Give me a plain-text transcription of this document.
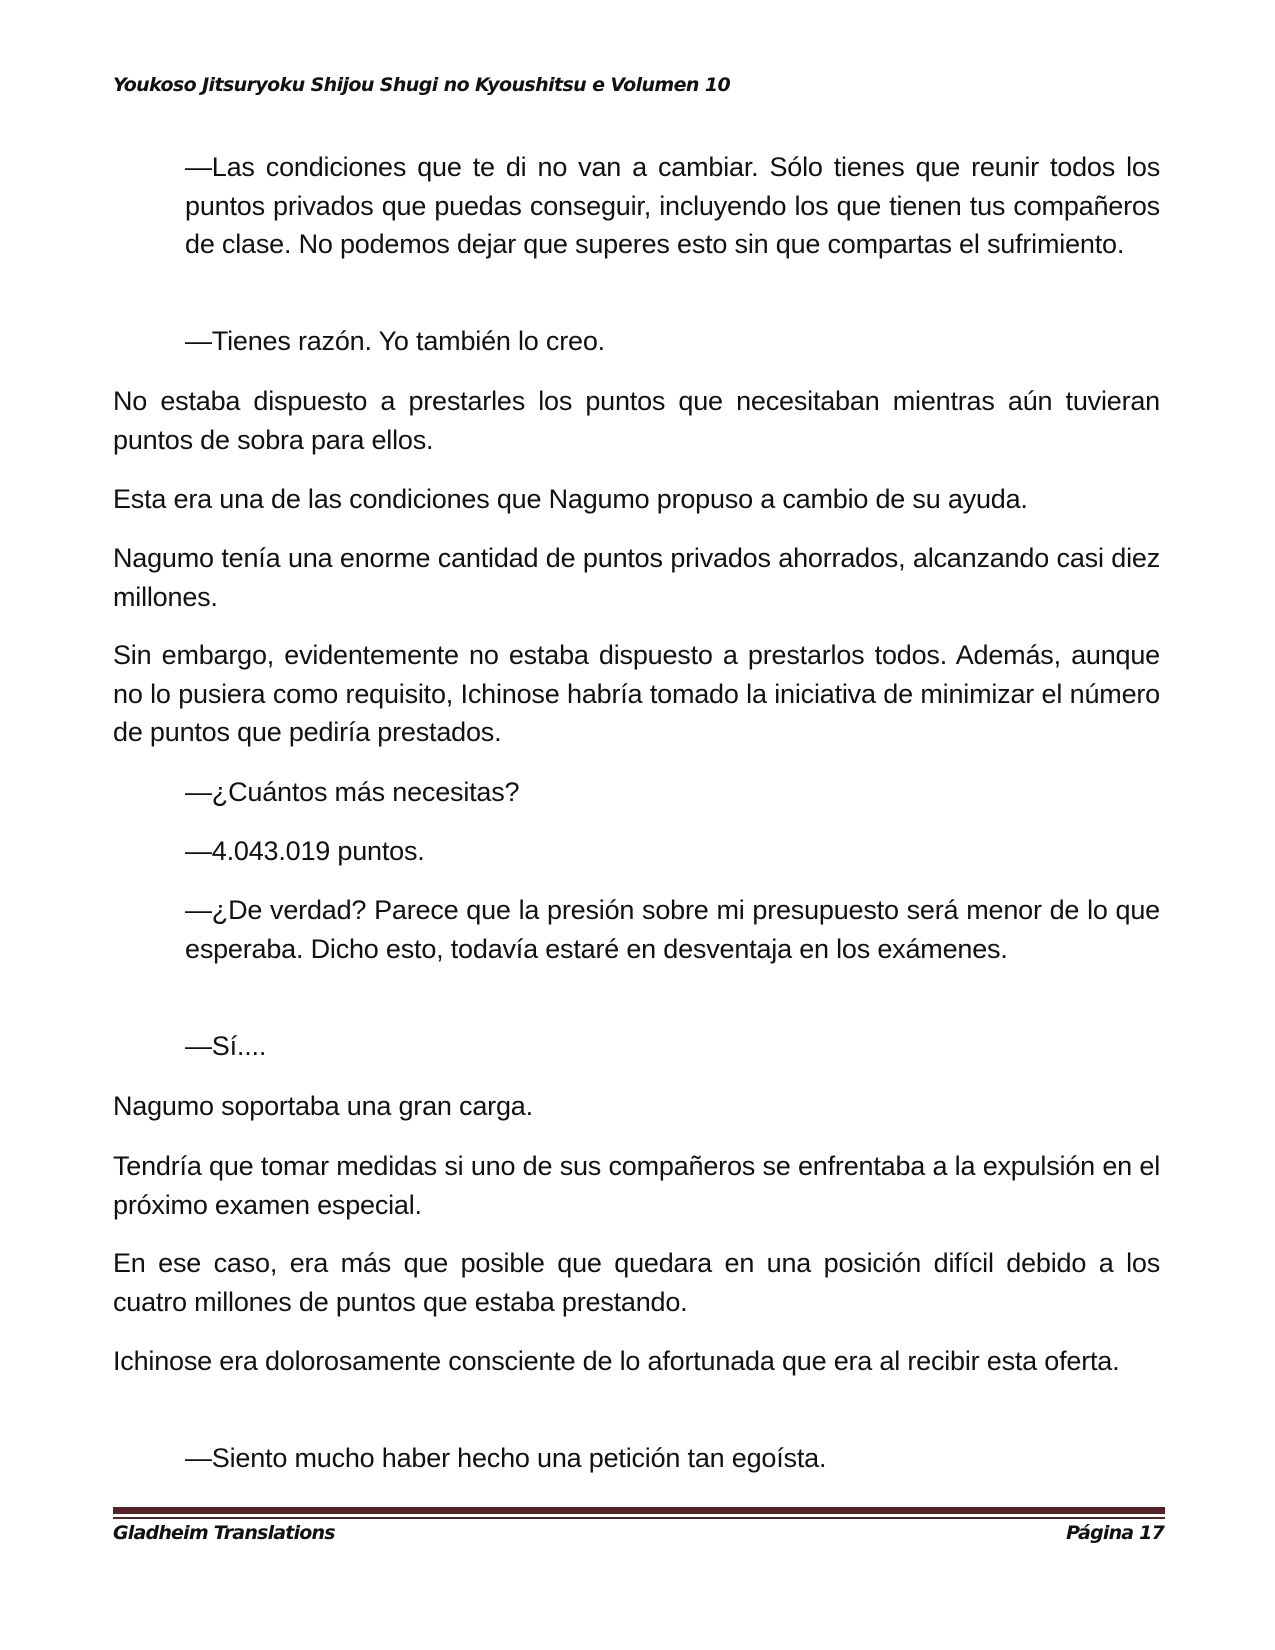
Youkoso Jitsuryoku Shijou Shugi no Kyoushitsu e Volumen 10

—Las condiciones que te di no van a cambiar. Sólo tienes que reunir todos los puntos privados que puedas conseguir, incluyendo los que tienen tus compañeros de clase. No podemos dejar que superes esto sin que compartas el sufrimiento.

—Tienes razón. Yo también lo creo.

No estaba dispuesto a prestarles los puntos que necesitaban mientras aún tuvieran puntos de sobra para ellos.

Esta era una de las condiciones que Nagumo propuso a cambio de su ayuda.

Nagumo tenía una enorme cantidad de puntos privados ahorrados, alcanzando casi diez millones.

Sin embargo, evidentemente no estaba dispuesto a prestarlos todos. Además, aunque no lo pusiera como requisito, Ichinose habría tomado la iniciativa de minimizar el número de puntos que pediría prestados.

—¿Cuántos más necesitas?

—4.043.019 puntos.

—¿De verdad? Parece que la presión sobre mi presupuesto será menor de lo que esperaba. Dicho esto, todavía estaré en desventaja en los exámenes.

—Sí....

Nagumo soportaba una gran carga.

Tendría que tomar medidas si uno de sus compañeros se enfrentaba a la expulsión en el próximo examen especial.

En ese caso, era más que posible que quedara en una posición difícil debido a los cuatro millones de puntos que estaba prestando.

Ichinose era dolorosamente consciente de lo afortunada que era al recibir esta oferta.

—Siento mucho haber hecho una petición tan egoísta.

Gladheim Translations	Página 17
